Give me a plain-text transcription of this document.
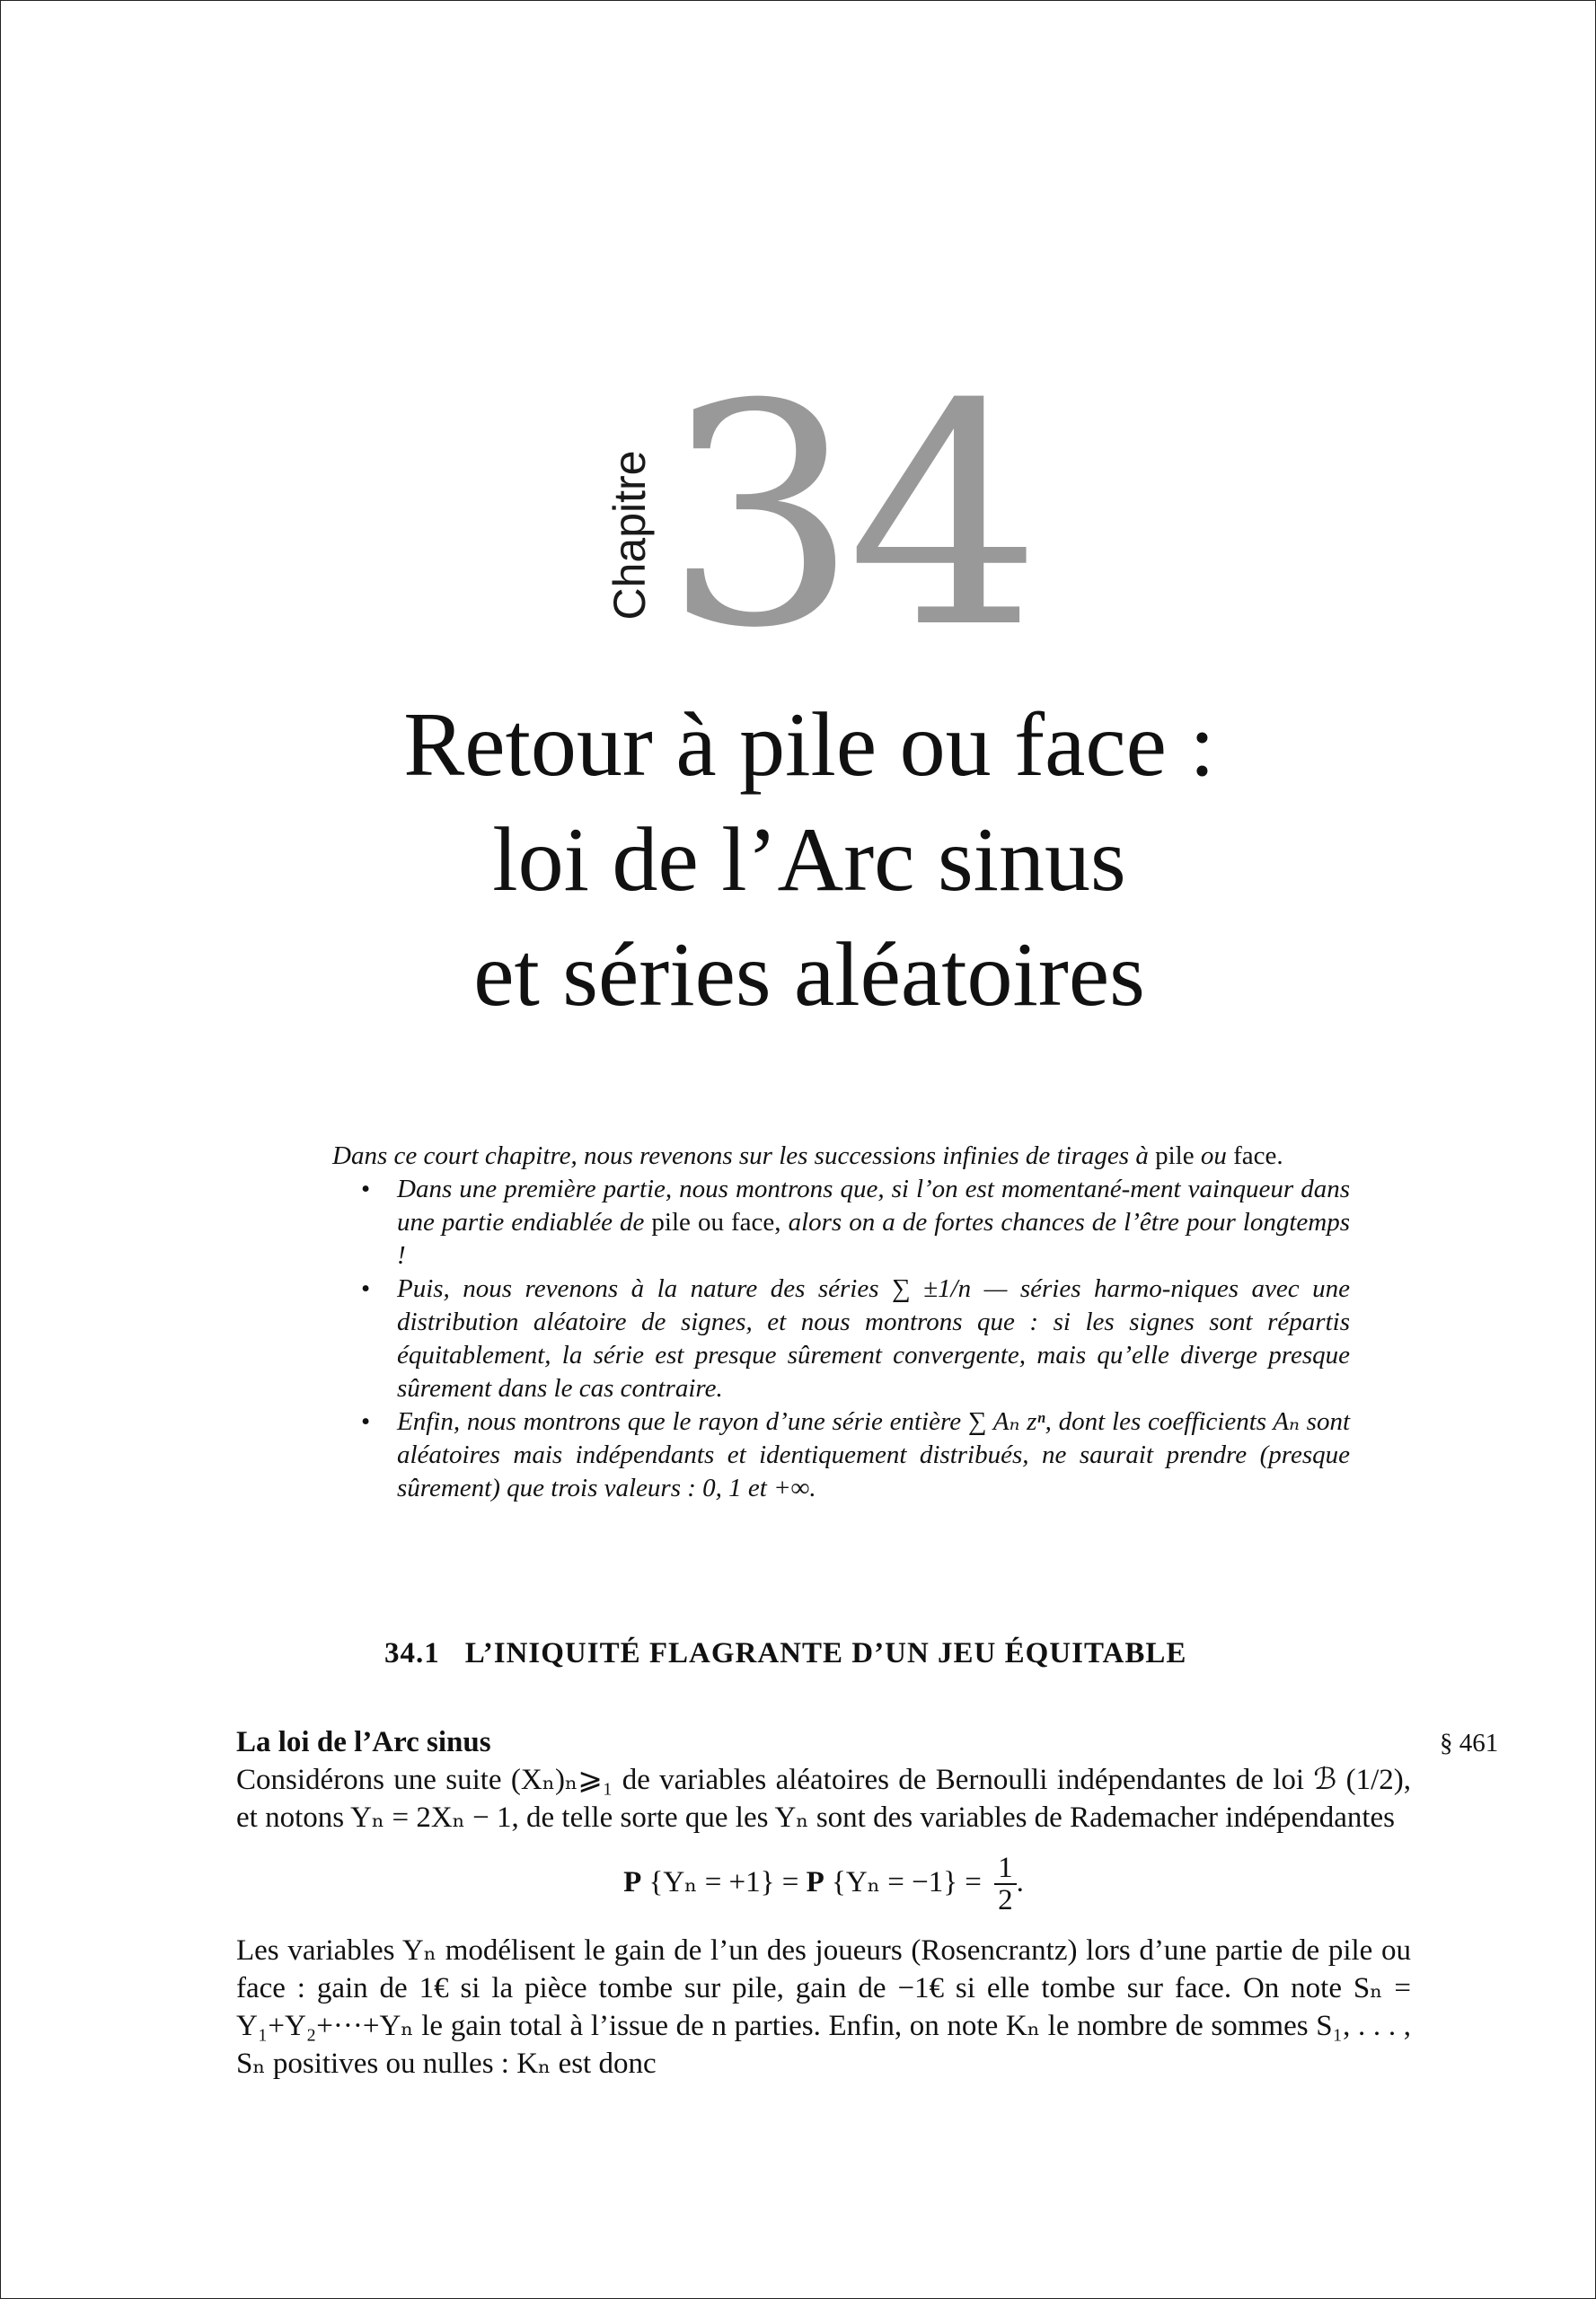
Chapitre 34
Retour à pile ou face :
loi de l’Arc sinus
et séries aléatoires

Dans ce court chapitre, nous revenons sur les successions infinies de tirages à pile ou face.

• Dans une première partie, nous montrons que, si l’on est momentané-ment vainqueur dans une partie endiablée de pile ou face, alors on a de fortes chances de l’être pour longtemps !
• Puis, nous revenons à la nature des séries ∑ ±1/n — séries harmo-niques avec une distribution aléatoire de signes, et nous montrons que : si les signes sont répartis équitablement, la série est presque sûrement convergente, mais qu’elle diverge presque sûrement dans le cas contraire.
• Enfin, nous montrons que le rayon d’une série entière ∑ Aₙ zⁿ, dont les coefficients Aₙ sont aléatoires mais indépendants et identiquement distribués, ne saurait prendre (presque sûrement) que trois valeurs : 0, 1 et +∞.
34.1 L’INIQUITÉ FLAGRANTE D’UN JEU ÉQUITABLE
§ 461
La loi de l’Arc sinus

Considérons une suite (Xₙ)ₙ⩾₁ de variables aléatoires de Bernoulli indépendantes de loi ℬ (1/2), et notons Yₙ = 2Xₙ − 1, de telle sorte que les Yₙ sont des variables de Rademacher indépendantes

P {Yₙ = +1} = P $\{Y_n = -1\} = \frac{1}{2}$ .

Les variables Yₙ modélisent le gain de l’un des joueurs (Rosencrantz) lors d’une partie de pile ou face : gain de 1€ si la pièce tombe sur pile, gain de −1€ si elle tombe sur face. On note Sₙ = Y₁+Y₂+···+Yₙ le gain total à l’issue de n parties. Enfin, on note Kₙ le nombre de sommes S₁, . . . , Sₙ positives ou nulles : Kₙ est donc
